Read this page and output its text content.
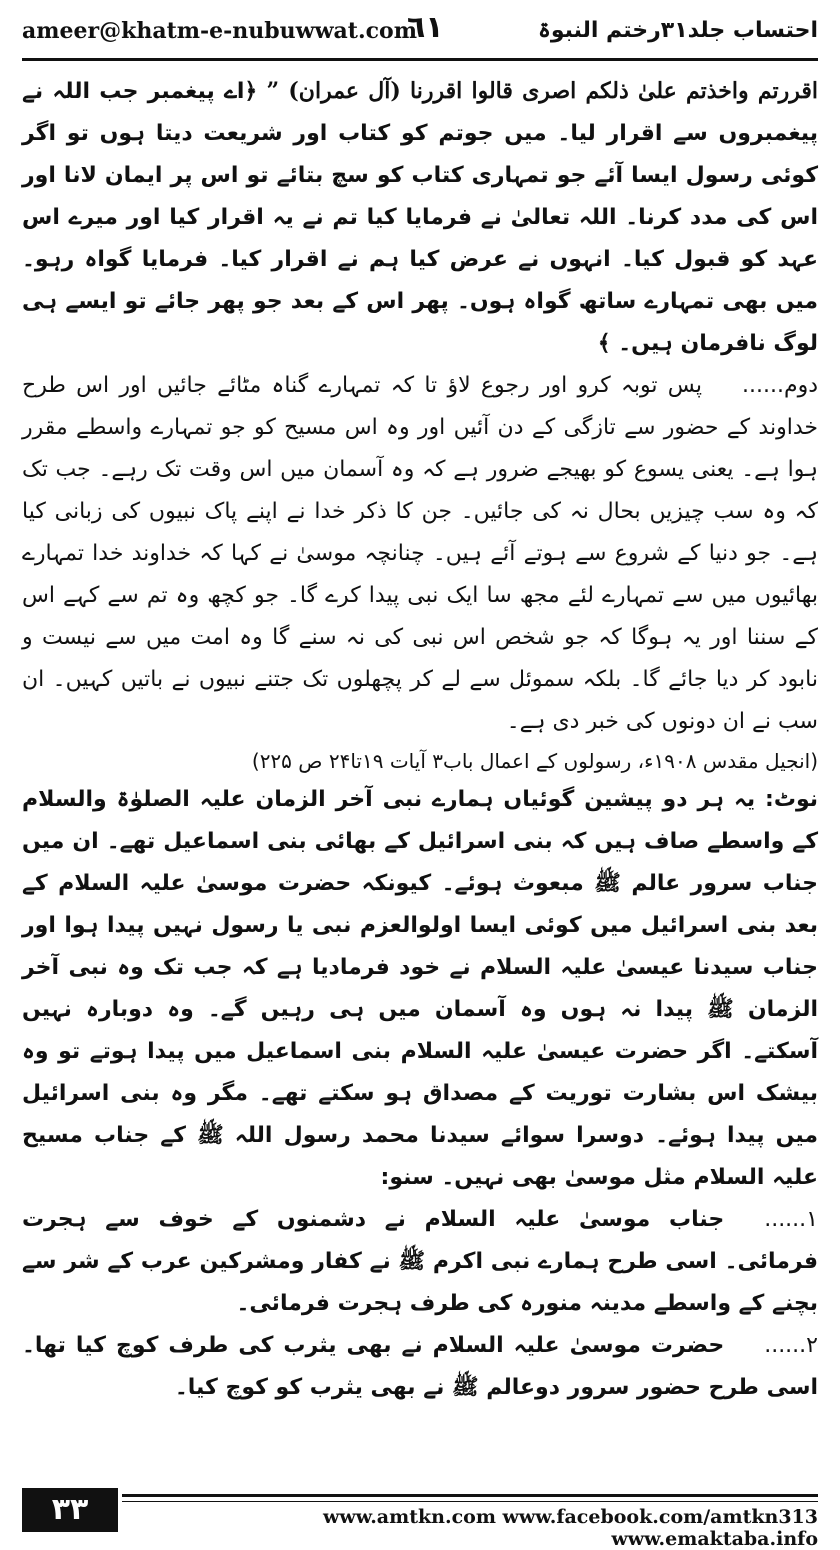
ameer@khatm-e-nubuwwat.com
٦١	احتساب جلد۳۱رختم النبوۃ

اقررتم واخذتم علیٰ ذلکم اصری قالوا اقررنا (آل عمران) ” ﴿اے پیغمبر جب اللہ نے پیغمبروں سے اقرار لیا۔ میں جوتم کو کتاب اور شریعت دیتا ہوں تو اگر کوئی رسول ایسا آئے جو تمہاری کتاب کو سچ بتائے تو اس پر ایمان لانا اور اس کی مدد کرنا۔ اللہ تعالیٰ نے فرمایا کیا تم نے یہ اقرار کیا اور میرے اس عہد کو قبول کیا۔ انہوں نے عرض کیا ہم نے اقرار کیا۔ فرمایا گواہ رہو۔ میں بھی تمہارے ساتھ گواہ ہوں۔ پھر اس کے بعد جو پھر جائے تو ایسے ہی لوگ نافرمان ہیں۔ ﴾

دوم......پس توبہ کرو اور رجوع لاؤ تا کہ تمہارے گناہ مٹائے جائیں اور اس طرح خداوند کے حضور سے تازگی کے دن آئیں اور وہ اس مسیح کو جو تمہارے واسطے مقرر ہوا ہے۔ یعنی یسوع کو بھیجے ضرور ہے کہ وہ آسمان میں اس وقت تک رہے۔ جب تک کہ وہ سب چیزیں بحال نہ کی جائیں۔ جن کا ذکر خدا نے اپنے پاک نبیوں کی زبانی کیا ہے۔ جو دنیا کے شروع سے ہوتے آئے ہیں۔ چنانچہ موسیٰ نے کہا کہ خداوند خدا تمہارے بھائیوں میں سے تمہارے لئے مجھ سا ایک نبی پیدا کرے گا۔ جو کچھ وہ تم سے کہے اس کے سننا اور یہ ہوگا کہ جو شخص اس نبی کی نہ سنے گا وہ امت میں سے نیست و نابود کر دیا جائے گا۔ بلکہ سموئل سے لے کر پچھلوں تک جتنے نبیوں نے باتیں کہیں۔ ان سب نے ان دونوں کی خبر دی ہے۔

(انجیل مقدس ۱۹۰۸ء، رسولوں کے اعمال باب۳ آیات ۱۹تا۲۴ ص ۲۲۵)

نوٹ: یہ ہر دو پیشین گوئیاں ہمارے نبی آخر الزمان علیہ الصلوٰۃ والسلام کے واسطے صاف ہیں کہ بنی اسرائیل کے بھائی بنی اسماعیل تھے۔ ان میں جناب سرور عالم ﷺ مبعوث ہوئے۔ کیونکہ حضرت موسیٰ علیہ السلام کے بعد بنی اسرائیل میں کوئی ایسا اولوالعزم نبی یا رسول نہیں پیدا ہوا اور جناب سیدنا عیسیٰ علیہ السلام نے خود فرمادیا ہے کہ جب تک وہ نبی آخر الزمان ﷺ پیدا نہ ہوں وہ آسمان میں ہی رہیں گے۔ وہ دوبارہ نہیں آسکتے۔ اگر حضرت عیسیٰ علیہ السلام بنی اسماعیل میں پیدا ہوتے تو وہ بیشک اس بشارت توریت کے مصداق ہو سکتے تھے۔ مگر وہ بنی اسرائیل میں پیدا ہوئے۔ دوسرا سوائے سیدنا محمد رسول اللہ ﷺ کے جناب مسیح علیہ السلام مثل موسیٰ بھی نہیں۔ سنو:

۱......جناب موسیٰ علیہ السلام نے دشمنوں کے خوف سے ہجرت فرمائی۔ اسی طرح ہمارے نبی اکرم ﷺ نے کفار ومشرکین عرب کے شر سے بچنے کے واسطے مدینہ منورہ کی طرف ہجرت فرمائی۔

۲......حضرت موسیٰ علیہ السلام نے بھی یثرب کی طرف کوچ کیا تھا۔ اسی طرح حضور سرور دوعالم ﷺ نے بھی یثرب کو کوچ کیا۔

۳۳	www.amtkn.com www.facebook.com/amtkn313 www.emaktaba.info
